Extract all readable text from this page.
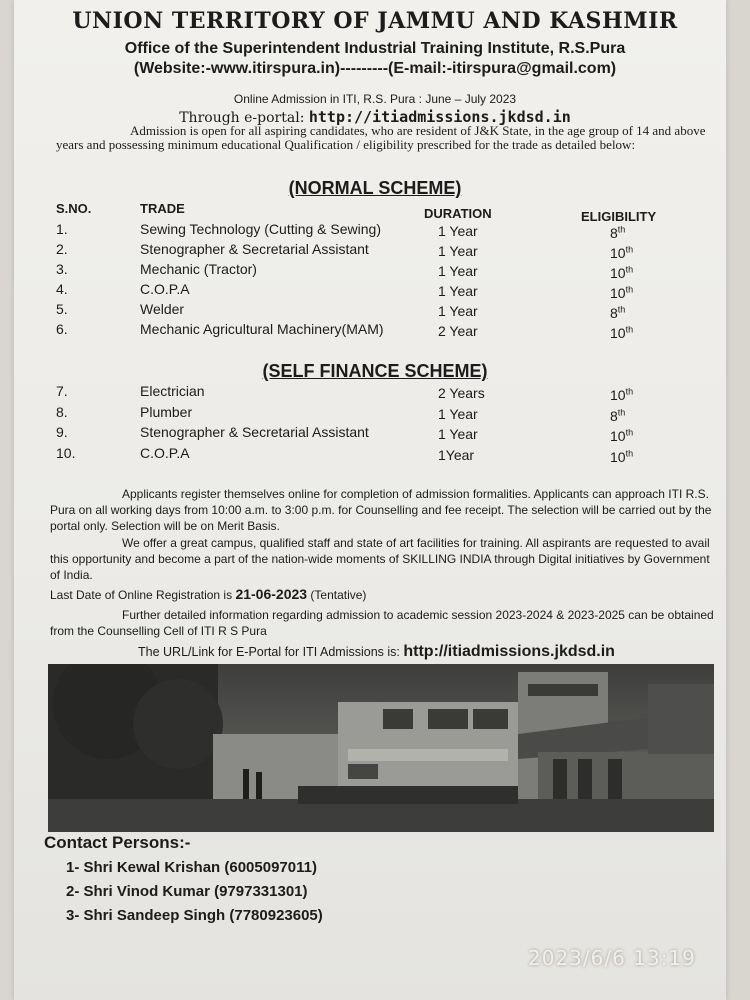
UNION TERRITORY OF JAMMU AND KASHMIR
Office of the Superintendent Industrial Training Institute, R.S.Pura
(Website:-www.itirspura.in)---------(E-mail:-itirspura@gmail.com)
Online Admission in ITI, R.S. Pura : June – July 2023
Through e-portal: http://itiadmissions.jkdsd.in
Admission is open for all aspiring candidates, who are resident of J&K State, in the age group of 14 and above years and possessing minimum educational Qualification / eligibility prescribed for the trade as detailed below:
(NORMAL SCHEME)
S.NO.	TRADE	DURATION	ELIGIBILITY
1.	Sewing Technology (Cutting & Sewing)	1 Year	8th
2.	Stenographer & Secretarial Assistant	1 Year	10th
3.	Mechanic (Tractor)	1 Year	10th
4.	C.O.P.A	1 Year	10th
5.	Welder	1 Year	8th
6.	Mechanic Agricultural Machinery(MAM)	2 Year	10th
(SELF FINANCE SCHEME)
7.	Electrician	2 Years	10th
8.	Plumber	1 Year	8th
9.	Stenographer & Secretarial Assistant	1 Year	10th
10.	C.O.P.A	1Year	10th
Applicants register themselves online for completion of admission formalities. Applicants can approach ITI R.S. Pura on all working days from 10:00 a.m. to 3:00 p.m. for Counselling and fee receipt. The selection will be carried out by the portal only. Selection will be on Merit Basis.
We offer a great campus, qualified staff and state of art facilities for training. All aspirants are requested to avail this opportunity and become a part of the nation-wide moments of SKILLING INDIA through Digital initiatives by Government of India.
Last Date of Online Registration is 21-06-2023 (Tentative)
Further detailed information regarding admission to academic session 2023-2024 & 2023-2025 can be obtained from the Counselling Cell of ITI R S Pura
The URL/Link for E-Portal for ITI Admissions is: http://itiadmissions.jkdsd.in
Contact Persons:-
1- Shri Kewal Krishan (6005097011)
2- Shri Vinod Kumar (9797331301)
3- Shri Sandeep Singh (7780923605)
2023/6/6 13:19
